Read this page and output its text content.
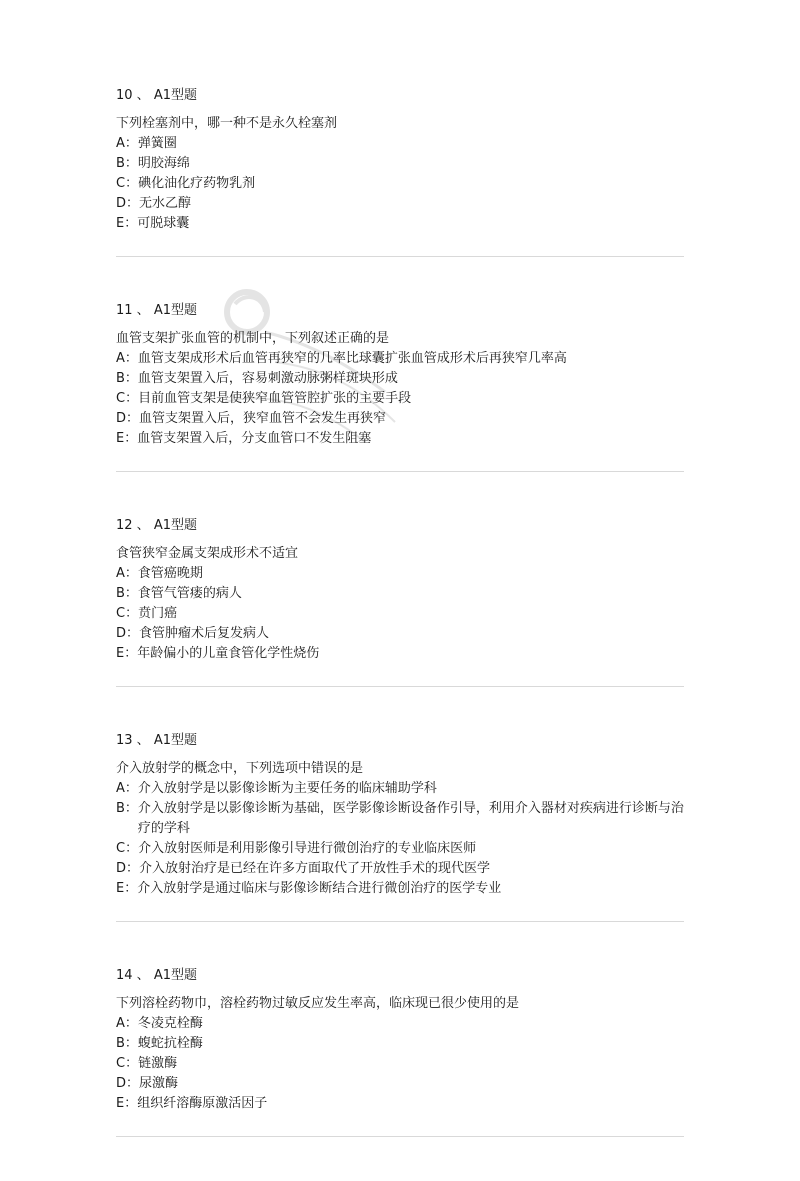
10 、 A1型题
下列栓塞剂中，哪一种不是永久栓塞剂
A： 弹簧圈
B： 明胶海绵
C： 碘化油化疗药物乳剂
D： 无水乙醇
E： 可脱球囊
11 、 A1型题
血管支架扩张血管的机制中，下列叙述正确的是
A： 血管支架成形术后血管再狭窄的几率比球囊扩张血管成形术后再狭窄几率高
B： 血管支架置入后，容易刺激动脉粥样斑块形成
C： 目前血管支架是使狭窄血管管腔扩张的主要手段
D： 血管支架置入后，狭窄血管不会发生再狭窄
E： 血管支架置入后，分支血管口不发生阻塞
12 、 A1型题
食管狭窄金属支架成形术不适宜
A： 食管癌晚期
B： 食管气管瘘的病人
C： 贲门癌
D： 食管肿瘤术后复发病人
E： 年龄偏小的儿童食管化学性烧伤
13 、 A1型题
介入放射学的概念中，下列选项中错误的是
A： 介入放射学是以影像诊断为主要任务的临床辅助学科
B： 介入放射学是以影像诊断为基础，医学影像诊断设备作引导，利用介入器材对疾病进行诊断与治疗的学科
C： 介入放射医师是利用影像引导进行微创治疗的专业临床医师
D： 介入放射治疗是已经在许多方面取代了开放性手术的现代医学
E： 介入放射学是通过临床与影像诊断结合进行微创治疗的医学专业
14 、 A1型题
下列溶栓药物巾，溶栓药物过敏反应发生率高，临床现已很少使用的是
A： 冬凌克栓酶
B： 蝮蛇抗栓酶
C： 链激酶
D： 尿激酶
E： 组织纤溶酶原激活因子
